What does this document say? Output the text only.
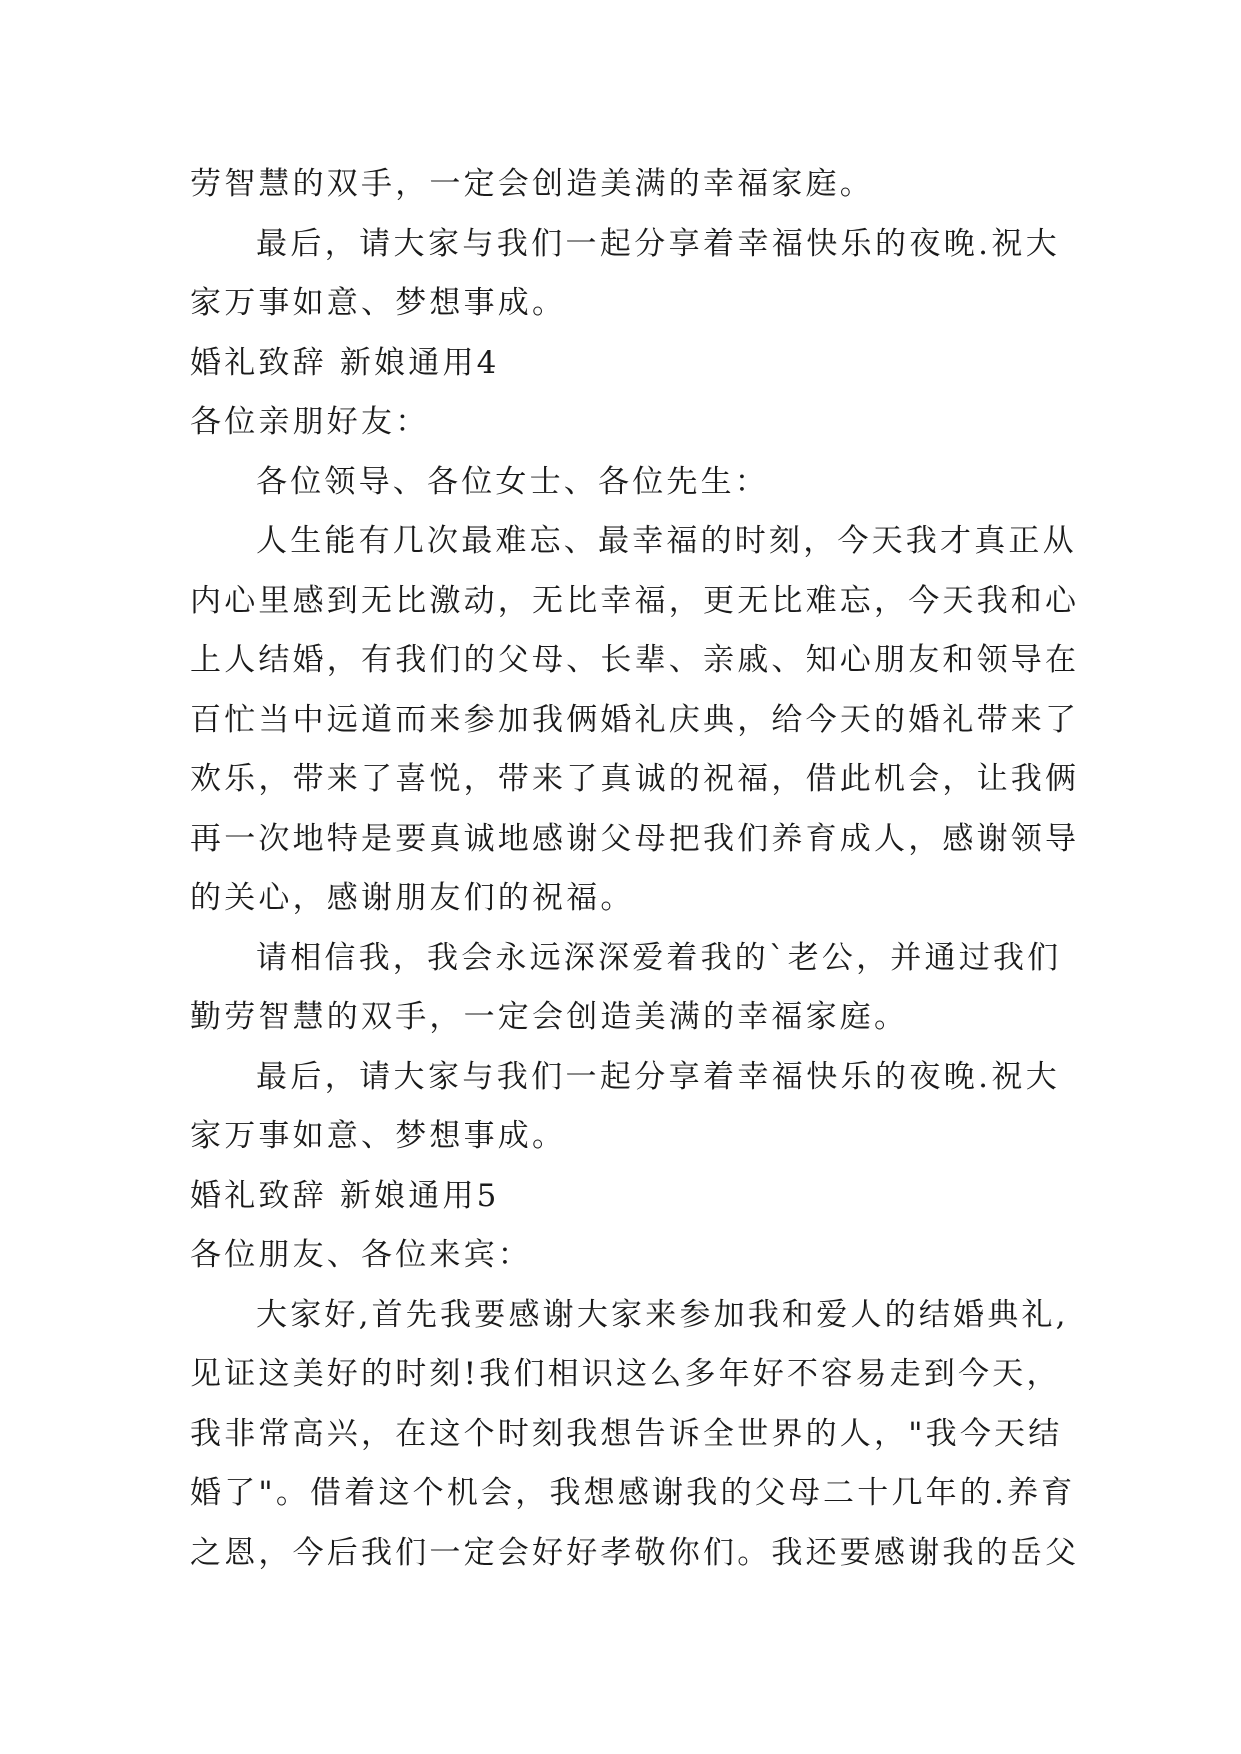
劳智慧的双手，一定会创造美满的幸福家庭。
最后，请大家与我们一起分享着幸福快乐的夜晚.祝大
家万事如意、梦想事成。
婚礼致辞 新娘通用4
各位亲朋好友：
各位领导、各位女士、各位先生：
人生能有几次最难忘、最幸福的时刻，今天我才真正从
内心里感到无比激动，无比幸福，更无比难忘，今天我和心
上人结婚，有我们的父母、长辈、亲戚、知心朋友和领导在
百忙当中远道而来参加我俩婚礼庆典，给今天的婚礼带来了
欢乐，带来了喜悦，带来了真诚的祝福，借此机会，让我俩
再一次地特是要真诚地感谢父母把我们养育成人，感谢领导
的关心，感谢朋友们的祝福。
请相信我，我会永远深深爱着我的`老公，并通过我们
勤劳智慧的双手，一定会创造美满的幸福家庭。
最后，请大家与我们一起分享着幸福快乐的夜晚.祝大
家万事如意、梦想事成。
婚礼致辞 新娘通用5
各位朋友、各位来宾：
大家好,首先我要感谢大家来参加我和爱人的结婚典礼,
见证这美好的时刻!我们相识这么多年好不容易走到今天，
我非常高兴，在这个时刻我想告诉全世界的人，"我今天结
婚了"。借着这个机会，我想感谢我的父母二十几年的.养育
之恩，今后我们一定会好好孝敬你们。我还要感谢我的岳父
